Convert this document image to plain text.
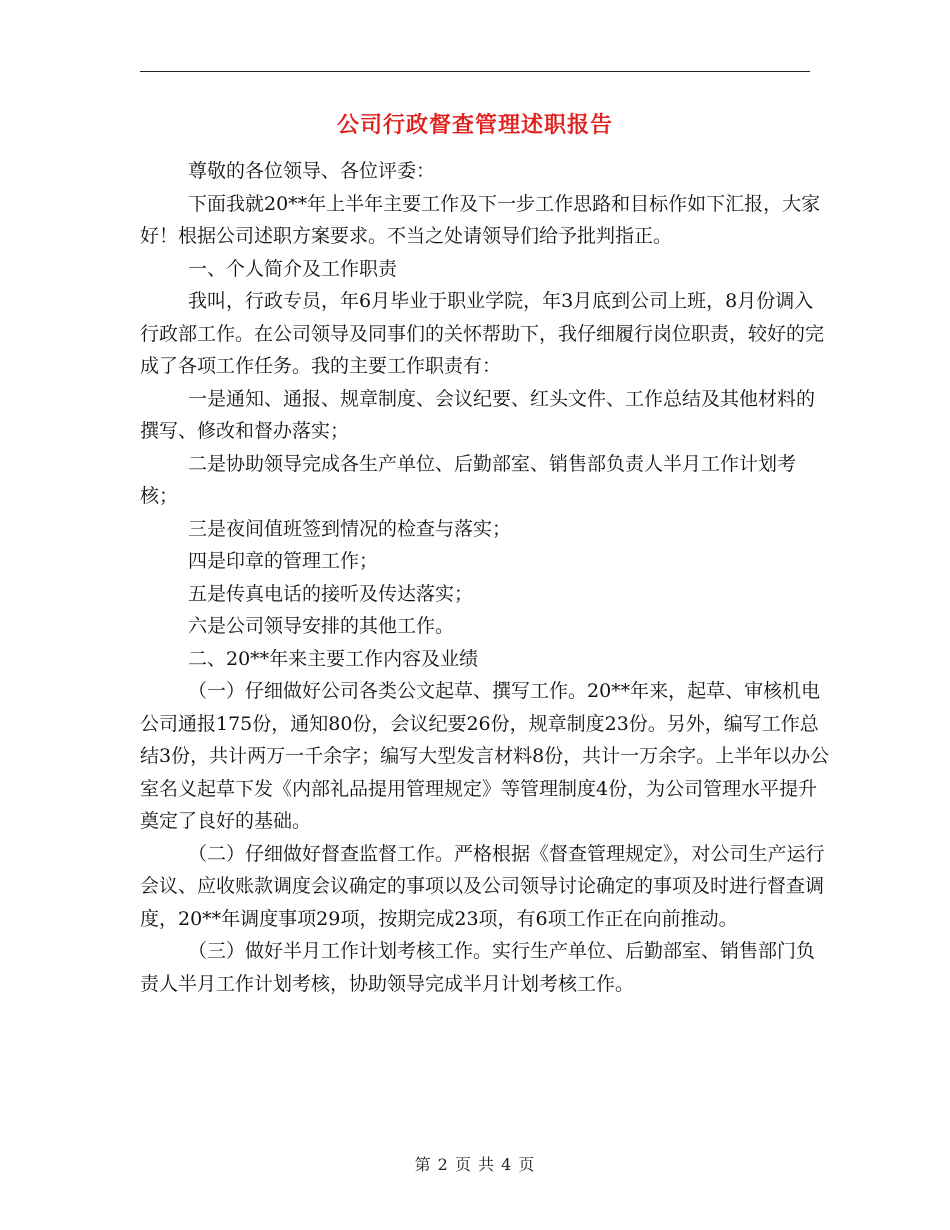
公司行政督查管理述职报告

尊敬的各位领导、各位评委：

下面我就20**年上半年主要工作及下一步工作思路和目标作如下汇报，大家好！根据公司述职方案要求。不当之处请领导们给予批判指正。

一、个人简介及工作职责

我叫，行政专员，年6月毕业于职业学院，年3月底到公司上班，8月份调入行政部工作。在公司领导及同事们的关怀帮助下，我仔细履行岗位职责，较好的完成了各项工作任务。我的主要工作职责有：

一是通知、通报、规章制度、会议纪要、红头文件、工作总结及其他材料的撰写、修改和督办落实；

二是协助领导完成各生产单位、后勤部室、销售部负责人半月工作计划考核；

三是夜间值班签到情况的检查与落实；

四是印章的管理工作；

五是传真电话的接听及传达落实；

六是公司领导安排的其他工作。

二、20**年来主要工作内容及业绩

（一）仔细做好公司各类公文起草、撰写工作。20**年来，起草、审核机电公司通报175份，通知80份，会议纪要26份，规章制度23份。另外，编写工作总结3份，共计两万一千余字；编写大型发言材料8份，共计一万余字。上半年以办公室名义起草下发《内部礼品提用管理规定》等管理制度4份，为公司管理水平提升奠定了良好的基础。

（二）仔细做好督查监督工作。严格根据《督查管理规定》，对公司生产运行会议、应收账款调度会议确定的事项以及公司领导讨论确定的事项及时进行督查调度，20**年调度事项29项，按期完成23项，有6项工作正在向前推动。

（三）做好半月工作计划考核工作。实行生产单位、后勤部室、销售部门负责人半月工作计划考核，协助领导完成半月计划考核工作。

第 2 页 共 4 页
